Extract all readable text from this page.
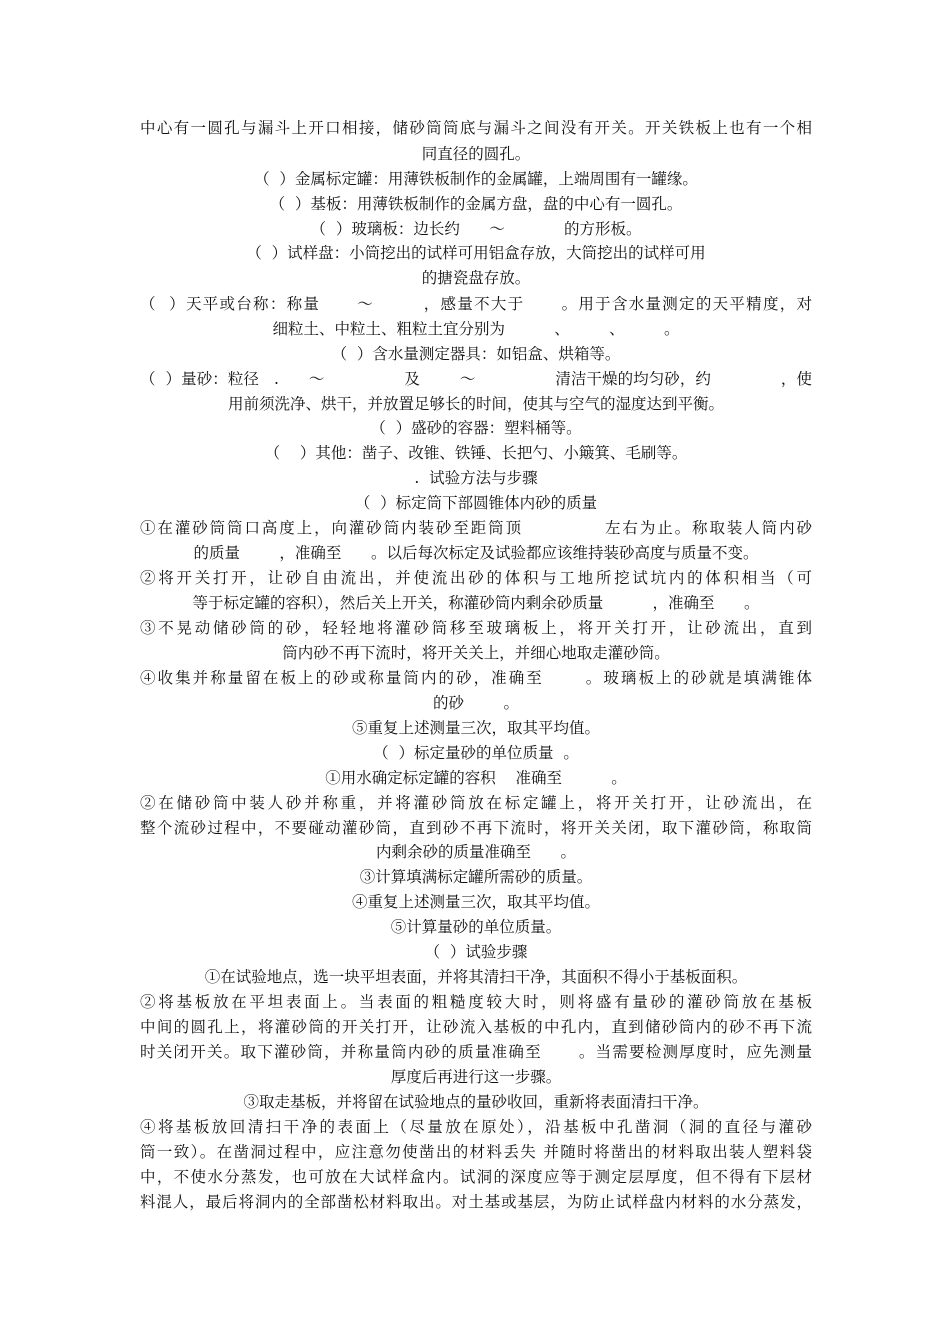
中心有一圆孔与漏斗上开口相接，储砂筒筒底与漏斗之间没有开关。开关铁板上也有一个相
同直径的圆孔。
（  ）金属标定罐：用薄铁板制作的金属罐，上端周围有一罐缘。
（  ）基板：用薄铁板制作的金属方盘，盘的中心有一圆孔。
（  ）玻璃板：边长约      ～            的方形板。
（  ）试样盘：小筒挖出的试样可用铝盒存放，大筒挖出的试样可用
的搪瓷盘存放。
（  ）天平或台称：称量      ～        ，感量不大于      。用于含水量测定的天平精度，对
细粒土、中粒土、粗粒土宜分别为          、        、        。
（  ）含水量测定器具：如铝盒、烘箱等。
（  ）量砂：粒径   .      ～                及        ～                清洁干燥的均匀砂，约              ，使
用前须洗净、烘干，并放置足够长的时间，使其与空气的湿度达到平衡。
（  ）盛砂的容器：塑料桶等。
（    ）其他：凿子、改锥、铁锤、长把勺、小簸箕、毛刷等。
.  试验方法与步骤
（  ）标定筒下部圆锥体内砂的质量
①在灌砂筒筒口高度上，向灌砂筒内装砂至距筒顶            左右为止。称取装人筒内砂
的质量        ，准确至      。以后每次标定及试验都应该维持装砂高度与质量不变。
②将开关打开，让砂自由流出，并使流出砂的体积与工地所挖试坑内的体积相当（可
等于标定罐的容积），然后关上开关，称灌砂筒内剩余砂质量          ，准确至      。
③不晃动储砂筒的砂，轻轻地将灌砂筒移至玻璃板上，将开关打开，让砂流出，直到
筒内砂不再下流时，将开关关上，并细心地取走灌砂筒。
④收集并称量留在板上的砂或称量筒内的砂，准确至      。玻璃板上的砂就是填满锥体
的砂        。
⑤重复上述测量三次，取其平均值。
（  ）标定量砂的单位质量  。
①用水确定标定罐的容积    准确至          。
②在储砂筒中装人砂并称重，并将灌砂筒放在标定罐上，将开关打开，让砂流出，在
整个流砂过程中，不要碰动灌砂筒，直到砂不再下流时，将开关关闭，取下灌砂筒，称取筒
内剩余砂的质量准确至      。
③计算填满标定罐所需砂的质量。
④重复上述测量三次，取其平均值。
⑤计算量砂的单位质量。
（  ）试验步骤
①在试验地点，选一块平坦表面，并将其清扫干净，其面积不得小于基板面积。
②将基板放在平坦表面上。当表面的粗糙度较大时，则将盛有量砂的灌砂筒放在基板
中间的圆孔上，将灌砂筒的开关打开，让砂流入基板的中孔内，直到储砂筒内的砂不再下流
时关闭开关。取下灌砂筒，并称量筒内砂的质量准确至      。当需要检测厚度时，应先测量
厚度后再进行这一步骤。
③取走基板，并将留在试验地点的量砂收回，重新将表面清扫干净。
④将基板放回清扫干净的表面上（尽量放在原处），沿基板中孔凿洞（洞的直径与灌砂
筒一致）。在凿洞过程中，应注意勿使凿出的材料丢失 并随时将凿出的材料取出装人塑料袋
中，不使水分蒸发，也可放在大试样盒内。试洞的深度应等于测定层厚度，但不得有下层材
料混人，最后将洞内的全部凿松材料取出。对土基或基层，为防止试样盘内材料的水分蒸发，
